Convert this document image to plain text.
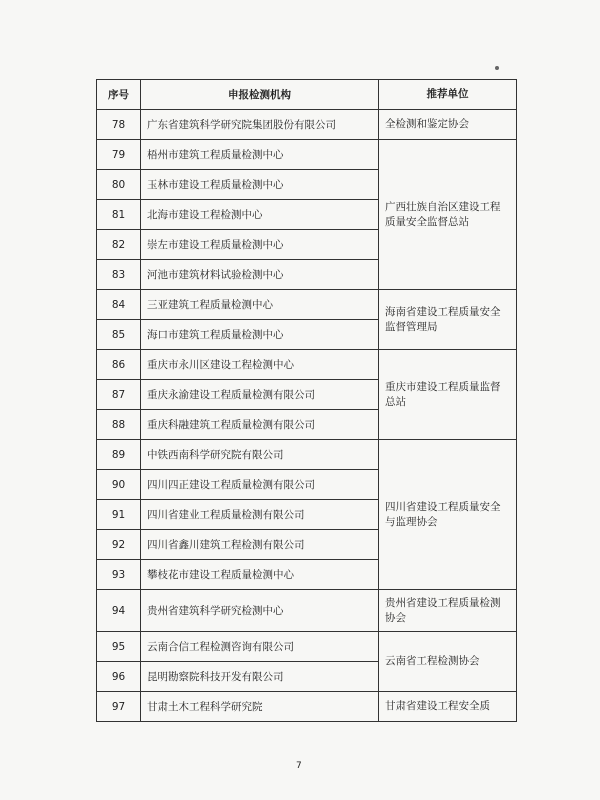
序号	申报检测机构	推荐单位
78	广东省建筑科学研究院集团股份有限公司	全检测和鉴定协会
79	梧州市建筑工程质量检测中心	广西壮族自治区建设工程质量安全监督总站
80	玉林市建设工程质量检测中心	
81	北海市建设工程检测中心	
82	崇左市建设工程质量检测中心	
83	河池市建筑材料试验检测中心	
84	三亚建筑工程质量检测中心	海南省建设工程质量安全监督管理局
85	海口市建筑工程质量检测中心	
86	重庆市永川区建设工程检测中心	重庆市建设工程质量监督总站
87	重庆永渝建设工程质量检测有限公司	
88	重庆科融建筑工程质量检测有限公司	
89	中铁西南科学研究院有限公司	四川省建设工程质量安全与监理协会
90	四川四正建设工程质量检测有限公司	
91	四川省建业工程质量检测有限公司	
92	四川省鑫川建筑工程检测有限公司	
93	攀枝花市建设工程质量检测中心	
94	贵州省建筑科学研究检测中心	贵州省建设工程质量检测协会
95	云南合信工程检测咨询有限公司	云南省工程检测协会
96	昆明勘察院科技开发有限公司	
97	甘肃土木工程科学研究院	甘肃省建设工程安全质
7
